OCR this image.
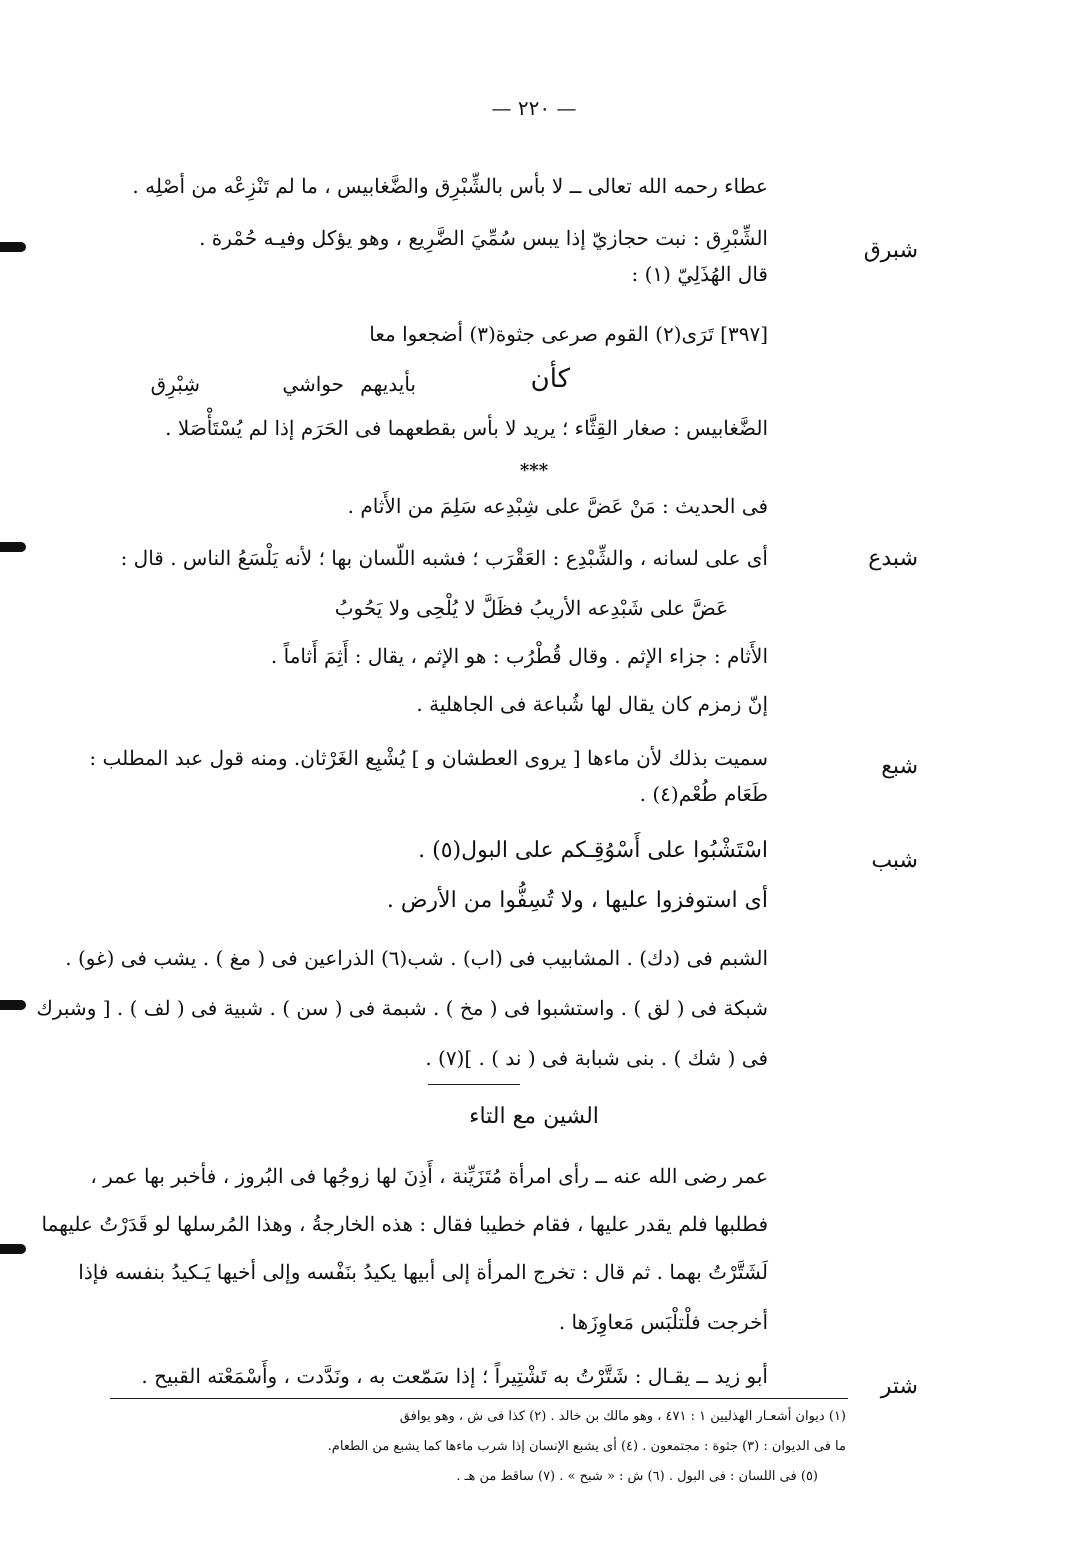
— ٢٢٠ —
عطاء رحمه الله تعالى ــ لا بأس بالشِّبْرِق والضَّغابيس ، ما لم تَنْزِعْه من أصْلِه .
الشِّبْرِق : نبت حجازيّ إذا يبس سُمِّيَ الضَّرِيع ، وهو يؤكل وفيـه حُمْرة .
قال الهُذَلِيّ (١) :
[٣٩٧] تَرَى(٢) القوم صرعى جثوة(٣) أضجعوا معا
كأن
بأيديهم
حواشي
شِبْرِق
الضَّغابيس : صغار القِثَّاء ؛ يريد لا بأس بقطعهما فى الحَرَم إذا لم يُسْتَأْصَلا .
***
فى الحديث : مَنْ عَضَّ على شِبْدِعه سَلِمَ من الأَثام .
أى على لسانه ، والشِّبْدِع : العَقْرَب ؛ فشبه اللّسان بها ؛ لأنه يَلْسَعُ الناس . قال :
عَضَّ على شَبْدِعه الأريبُ فظَلَّ لا يُلْحِى ولا يَحُوبُ
الأَثام : جزاء الإثم . وقال قُطْرُب : هو الإثم ، يقال : أَثِمَ أَثاماً .
إنّ زمزم كان يقال لها شُباعة فى الجاهلية .
سميت بذلك لأن ماءها [ يروى العطشان و ] يُشْبِع الغَرْثان. ومنه قول عبد المطلب :
طَعَام طُعْم(٤) .
اسْتَشْبُوا على أَسْوُقِـكم على البول(٥) .
أى استوفزوا عليها ، ولا تُسِفُّوا من الأرض .
الشبم فى (دك) . المشابيب فى (اب) . شب(٦) الذراعين فى ( مغ ) . يشب فى (غو) .
شبكة فى ( لق ) . واستشبوا فى ( مخ ) . شبمة فى ( سن ) . شبية فى ( لف ) . [ وشبرك
فى ( شك ) . بنى شبابة فى ( ند ) . ](٧) .
الشين مع التاء
عمر رضى الله عنه ــ رأى امرأة مُتَزَيِّنة ، أَذِنَ لها زوجُها فى البُروز ، فأخبر بها عمر ،
فطلبها فلم يقدر عليها ، فقام خطيبا فقال : هذه الخارجةُ ، وهذا المُرسلها لو قَدَرْتُ عليهما
لَشَتَّرْتُ بهما . ثم قال : تخرج المرأة إلى أبيها يكيدُ بنَفْسه وإلى أخيها يَـكيدُ بنفسه فإذا
أخرجت فلْتلْبَس مَعاوِزَها .
أبو زيد ــ يقـال : شَتَّرْتُ به تَشْتِيراً ؛ إذا سَمّعت به ، ونَدَّدت ، وأَسْمَعْته القبيح .
(١) ديوان أشعـار الهذليين ١ : ٤٧١ ، وهو مالك بن خالد . (٢) كذا فى ش ، وهو يوافق
ما فى الديوان : (٣) جثوة : مجتمعون . (٤) أى يشبع الإنسان إذا شرب ماءها كما يشبع من الطعام.
(٥) فى اللسان : فى البول . (٦) ش : « شبح » . (٧) ساقط من هـ .
شبرق
شبدع
شبع
شبب
شتر
